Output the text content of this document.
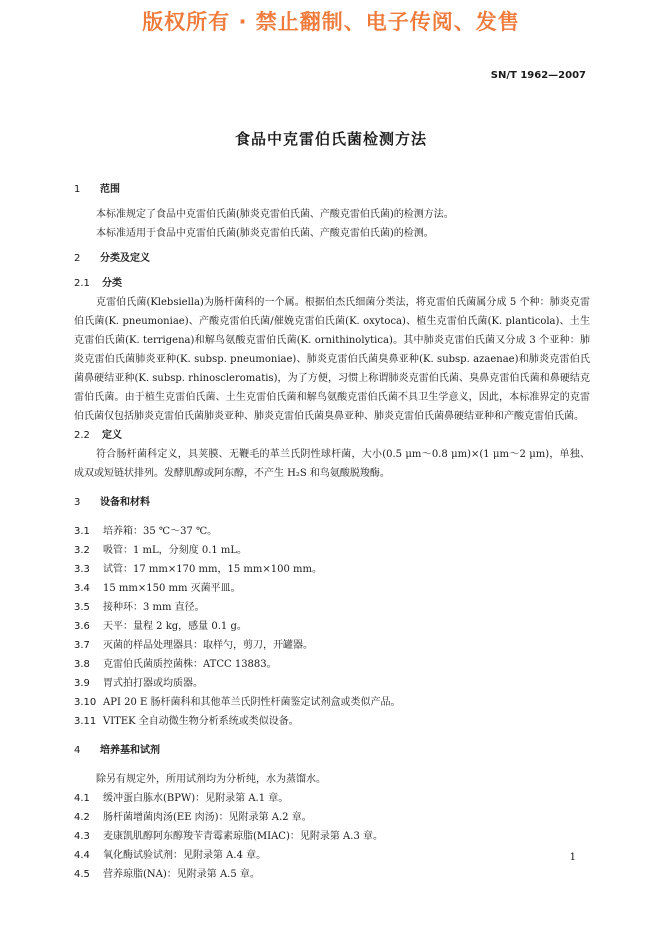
版权所有 · 禁止翻制、电子传阅、发售
SN/T 1962—2007
食品中克雷伯氏菌检测方法
1 范围

本标准规定了食品中克雷伯氏菌(肺炎克雷伯氏菌、产酸克雷伯氏菌)的检测方法。

本标准适用于食品中克雷伯氏菌(肺炎克雷伯氏菌、产酸克雷伯氏菌)的检测。

2 分类及定义
2.1 分类

克雷伯氏菌(Klebsiella)为肠杆菌科的一个属。根据伯杰氏细菌分类法，将克雷伯氏菌属分成 5 个种：肺炎克雷伯氏菌(K. pneumoniae)、产酸克雷伯氏菌/催娩克雷伯氏菌(K. oxytoca)、植生克雷伯氏菌(K. planticola)、土生克雷伯氏菌(K. terrigena)和解鸟氨酸克雷伯氏菌(K. ornithinolytica)。其中肺炎克雷伯氏菌又分成 3 个亚种：肺炎克雷伯氏菌肺炎亚种(K. subsp. pneumoniae)、肺炎克雷伯氏菌臭鼻亚种(K. subsp. azaenae)和肺炎克雷伯氏菌鼻硬结亚种(K. subsp. rhinoscleromatis)，为了方便，习惯上称谓肺炎克雷伯氏菌、臭鼻克雷伯氏菌和鼻硬结克雷伯氏菌。由于植生克雷伯氏菌、土生克雷伯氏菌和解鸟氨酸克雷伯氏菌不具卫生学意义，因此，本标准界定的克雷伯氏菌仅包括肺炎克雷伯氏菌肺炎亚种、肺炎克雷伯氏菌臭鼻亚种、肺炎克雷伯氏菌鼻硬结亚种和产酸克雷伯氏菌。

2.2 定义

符合肠杆菌科定义，具荚膜、无鞭毛的革兰氏阴性球杆菌，大小(0.5 μm～0.8 μm)×(1 μm～2 μm)，单独、成双或短链状排列。发酵肌醇或阿东醇，不产生 H₂S 和鸟氨酸脱羧酶。

3 设备和材料
3.1	培养箱：35 ℃～37 ℃。
3.2	吸管：1 mL，分刻度 0.1 mL。
3.3	试管：17 mm×170 mm，15 mm×100 mm。
3.4	15 mm×150 mm 灭菌平皿。
3.5	接种环：3 mm 直径。
3.6	天平：量程 2 kg，感量 0.1 g。
3.7	灭菌的样品处理器具：取样勺，剪刀，开罐器。
3.8	克雷伯氏菌质控菌株：ATCC 13883。
3.9	胃式拍打器或均质器。
3.10 API 20 E 肠杆菌科和其他革兰氏阴性杆菌鉴定试剂盒或类似产品。
3.11 VITEK 全自动微生物分析系统或类似设备。
4 培养基和试剂

除另有规定外，所用试剂均为分析纯，水为蒸馏水。

4.1	缓冲蛋白胨水(BPW)：见附录第 A.1 章。
4.2	肠杆菌增菌肉汤(EE 肉汤)：见附录第 A.2 章。
4.3	麦康凯肌醇阿东醇羧苄青霉素琼脂(MIAC)：见附录第 A.3 章。
4.4	氧化酶试验试剂：见附录第 A.4 章。
4.5	营养琼脂(NA)：见附录第 A.5 章。
1
